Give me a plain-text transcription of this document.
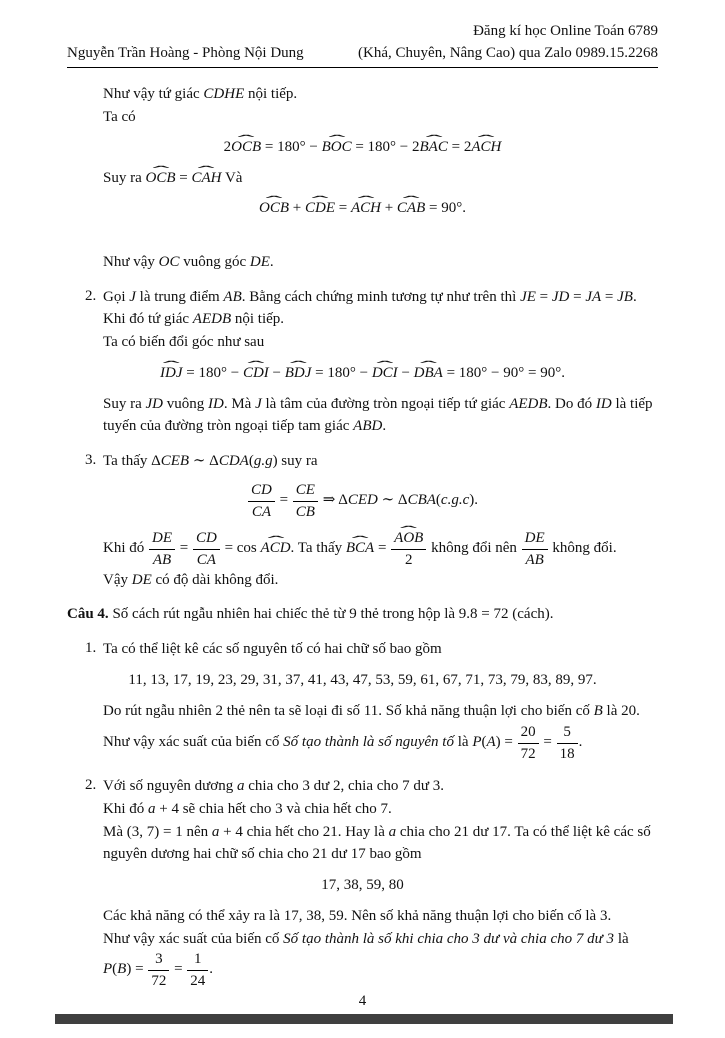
Đăng kí học Online Toán 6789
Nguyễn Trần Hoàng - Phòng Nội Dung	(Khá, Chuyên, Nâng Cao) qua Zalo 0989.15.2268
Như vậy tứ giác CDHE nội tiếp.
Ta có
2ˆ OCB = 180° − ˆ BOC = 180° − 2ˆ BAC = 2ˆ ACH
Suy ra ˆ OCB = ˆ CAH Và
ˆ OCB + ˆ CDE = ˆ ACH + ˆ CAB = 90°.
Như vậy OC vuông góc DE.
2. Gọi J là trung điểm AB. Bằng cách chứng minh tương tự như trên thì JE = JD = JA = JB. Khi đó tứ giác AEDB nội tiếp.
Ta có biến đổi góc như sau
ˆ IDJ = 180° − ˆ CDI − ˆ BDJ = 180° − ˆ DCI − ˆ DBA = 180° − 90° = 90°.
Suy ra JD vuông ID. Mà J là tâm của đường tròn ngoại tiếp tứ giác AEDB. Do đó ID là tiếp tuyến của đường tròn ngoại tiếp tam giác ABD.
3. Ta thấy ΔCEB ∼ ΔCDA(g.g) suy ra
$\frac{CD}{CA} = \frac{CE}{CB}$ ⇒ ΔCED ∼ ΔCBA(c.g.c).
Khi đó $\frac{DE}{AB} = \frac{CD}{CA} = \cos$ ˆ ACD. Ta thấy ˆ BCA = ˆ $\frac{\text{AOB}}{2}$ không đổi nên $\frac{DE}{AB}$ không đổi.
Vậy DE có độ dài không đổi.
Câu 4. Số cách rút ngẫu nhiên hai chiếc thẻ từ 9 thẻ trong hộp là 9.8 = 72 (cách).
1. Ta có thể liệt kê các số nguyên tố có hai chữ số bao gồm
11, 13, 17, 19, 23, 29, 31, 37, 41, 43, 47, 53, 59, 61, 67, 71, 73, 79, 83, 89, 97.
Do rút ngẫu nhiên 2 thẻ nên ta sẽ loại đi số 11. Số khả năng thuận lợi cho biến cố B là 20.
Như vậy xác suất của biến cố Số tạo thành là số nguyên tố là $P(A) = \frac{20}{72} = \frac{5}{18}$ .
2. Với số nguyên dương a chia cho 3 dư 2, chia cho 7 dư 3.
Khi đó a + 4 sẽ chia hết cho 3 và chia hết cho 7.
Mà (3, 7) = 1 nên a + 4 chia hết cho 21. Hay là a chia cho 21 dư 17. Ta có thể liệt kê các số nguyên dương hai chữ số chia cho 21 dư 17 bao gồm
17, 38, 59, 80
Các khả năng có thể xảy ra là 17, 38, 59. Nên số khả năng thuận lợi cho biến cố là 3.
Như vậy xác suất của biến cố Số tạo thành là số khi chia cho 3 dư và chia cho 7 dư 3 là $P(B) = \frac{3}{72} = \frac{1}{24}$ .
4
